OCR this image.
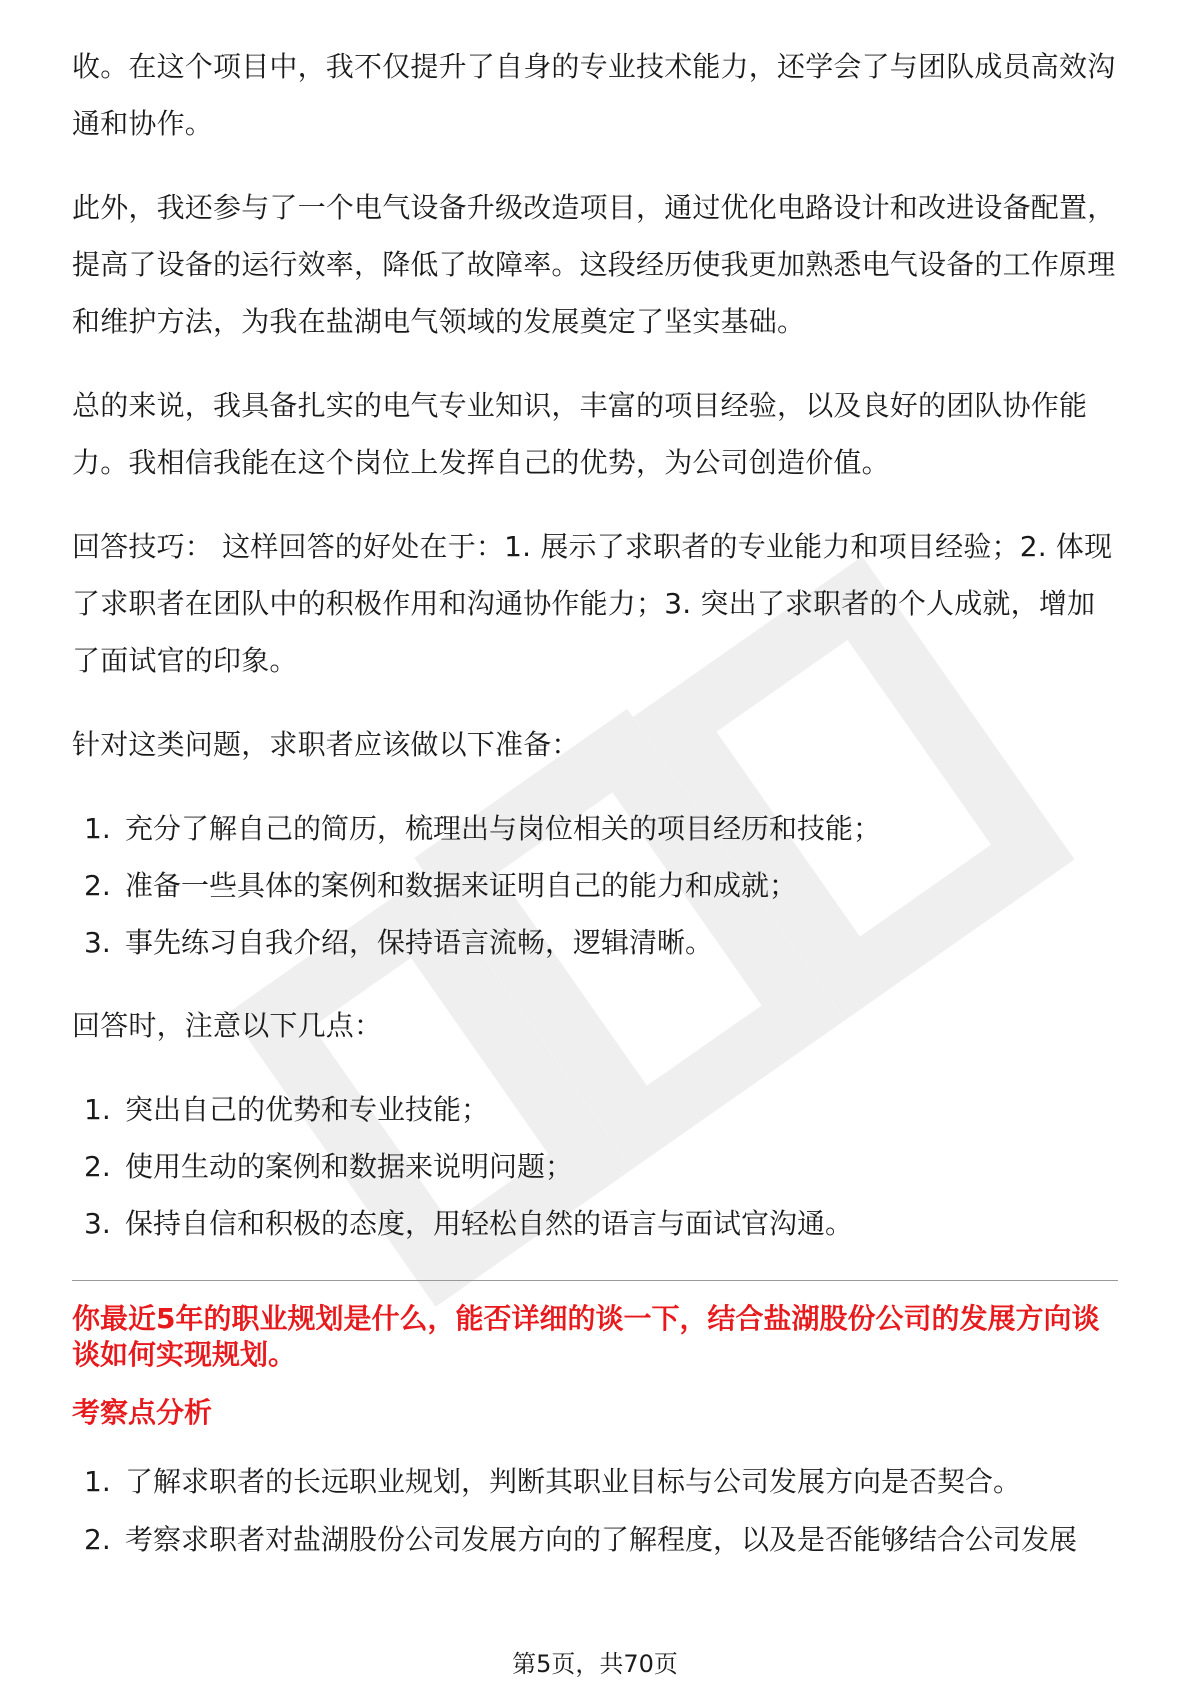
收。在这个项目中，我不仅提升了自身的专业技术能力，还学会了与团队成员高效沟通和协作。

此外，我还参与了一个电气设备升级改造项目，通过优化电路设计和改进设备配置，提高了设备的运行效率，降低了故障率。这段经历使我更加熟悉电气设备的工作原理和维护方法，为我在盐湖电气领域的发展奠定了坚实基础。

总的来说，我具备扎实的电气专业知识，丰富的项目经验，以及良好的团队协作能力。我相信我能在这个岗位上发挥自己的优势，为公司创造价值。

回答技巧： 这样回答的好处在于：1. 展示了求职者的专业能力和项目经验；2. 体现了求职者在团队中的积极作用和沟通协作能力；3. 突出了求职者的个人成就，增加了面试官的印象。

针对这类问题，求职者应该做以下准备：

1. 充分了解自己的简历，梳理出与岗位相关的项目经历和技能；
2. 准备一些具体的案例和数据来证明自己的能力和成就；
3. 事先练习自我介绍，保持语言流畅，逻辑清晰。

回答时，注意以下几点：

1. 突出自己的优势和专业技能；
2. 使用生动的案例和数据来说明问题；
3. 保持自信和积极的态度，用轻松自然的语言与面试官沟通。

你最近5年的职业规划是什么，能否详细的谈一下，结合盐湖股份公司的发展方向谈谈如何实现规划。

考察点分析

1. 了解求职者的长远职业规划，判断其职业目标与公司发展方向是否契合。
2. 考察求职者对盐湖股份公司发展方向的了解程度，以及是否能够结合公司发展
第5页，共70页
